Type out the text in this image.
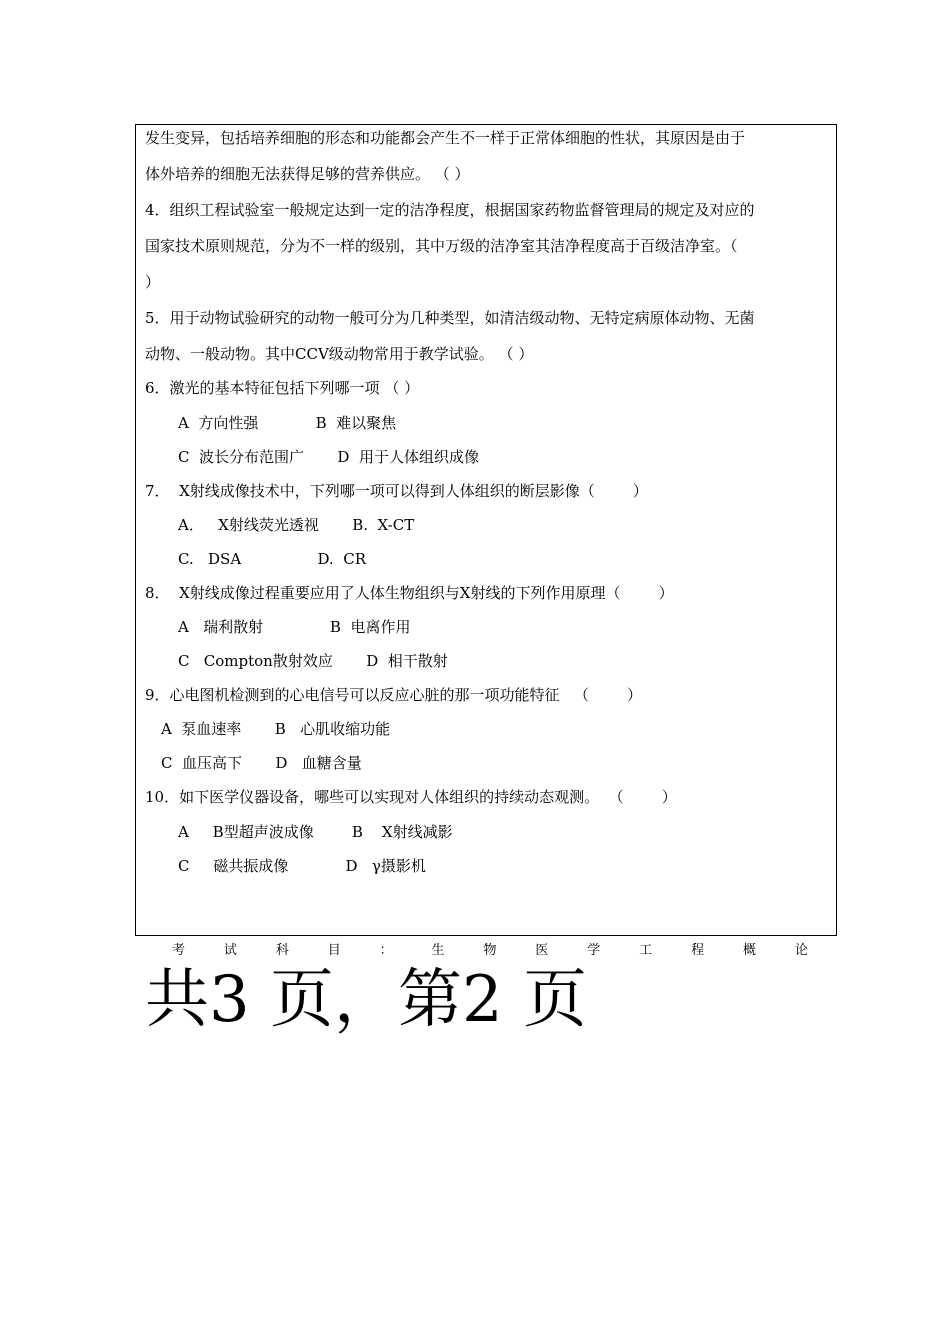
发生变异，包括培养细胞的形态和功能都会产生不一样于正常体细胞的性状，其原因是由于
体外培养的细胞无法获得足够的营养供应。 （ ）
4．组织工程试验室一般规定达到一定的洁净程度，根据国家药物监督管理局的规定及对应的
国家技术原则规范，分为不一样的级别，其中万级的洁净室其洁净程度高于百级洁净室。（
）
5．用于动物试验研究的动物一般可分为几种类型，如清洁级动物、无特定病原体动物、无菌
动物、一般动物。其中CCV级动物常用于教学试验。 （ ）
6．激光的基本特征包括下列哪一项 （ ）
A  方向性强            B  难以聚焦
C  波长分布范围广       D  用于人体组织成像
7．  X射线成像技术中，下列哪一项可以得到人体组织的断层影像（        ）
A．   X射线荧光透视       B.  X-CT
C.   DSA                D.  CR
8．  X射线成像过程重要应用了人体生物组织与X射线的下列作用原理（        ）
A   瑞利散射              B  电离作用
C   Compton散射效应       D  相干散射
9．心电图机检测到的心电信号可以反应心脏的那一项功能特征   （        ）
A  泵血速率       B   心肌收缩功能
C  血压高下       D   血糖含量
10．如下医学仪器设备，哪些可以实现对人体组织的持续动态观测。  （        ）
A     B型超声波成像        B    X射线减影
C     磁共振成像            D   γ摄影机
考	试	科	目	：	生	物	医	学	工	程	概	论
共3 页，第2 页
